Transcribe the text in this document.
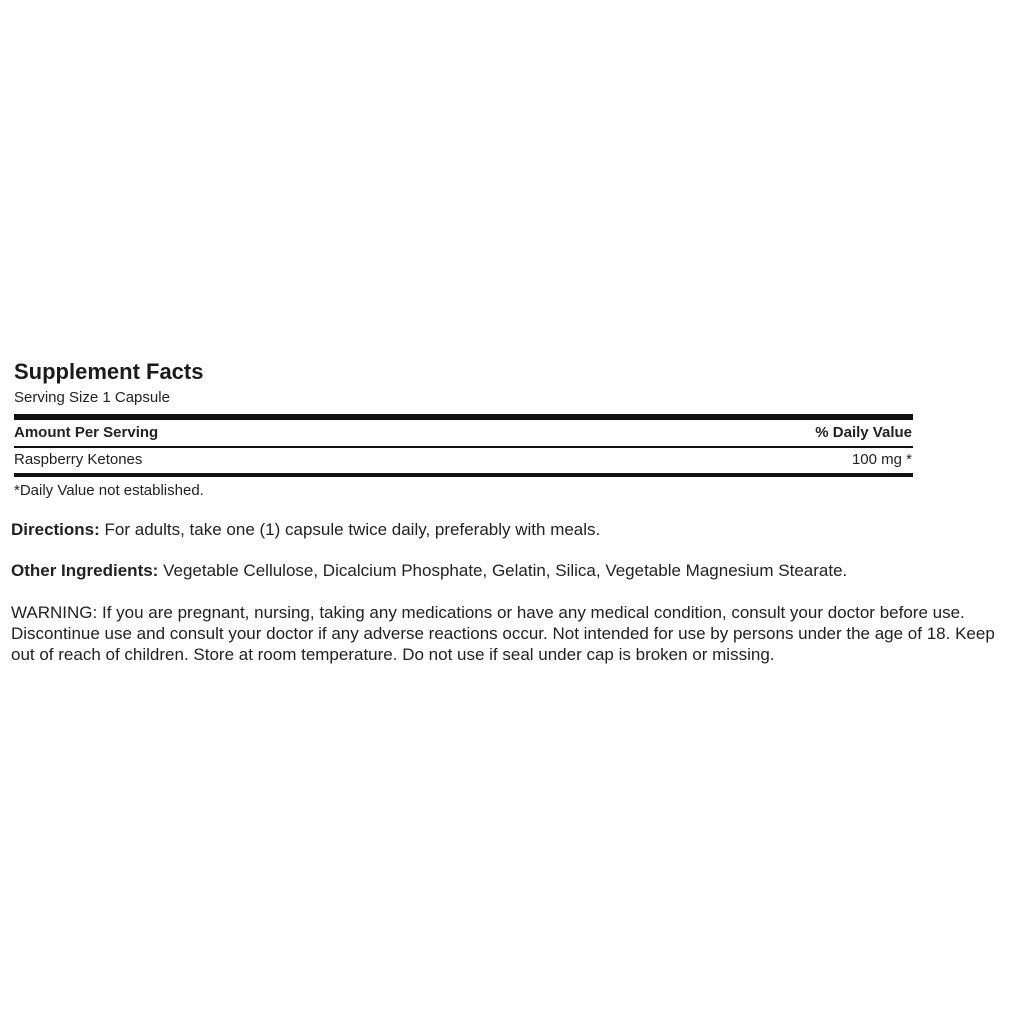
Supplement Facts
Serving Size 1 Capsule
Amount Per Serving	% Daily Value
Raspberry Ketones	100 mg *
*Daily Value not established.

Directions: For adults, take one (1) capsule twice daily, preferably with meals.

Other Ingredients: Vegetable Cellulose, Dicalcium Phosphate, Gelatin, Silica, Vegetable Magnesium Stearate.

WARNING: If you are pregnant, nursing, taking any medications or have any medical condition, consult your doctor before use. Discontinue use and consult your doctor if any adverse reactions occur. Not intended for use by persons under the age of 18. Keep out of reach of children. Store at room temperature. Do not use if seal under cap is broken or missing.
